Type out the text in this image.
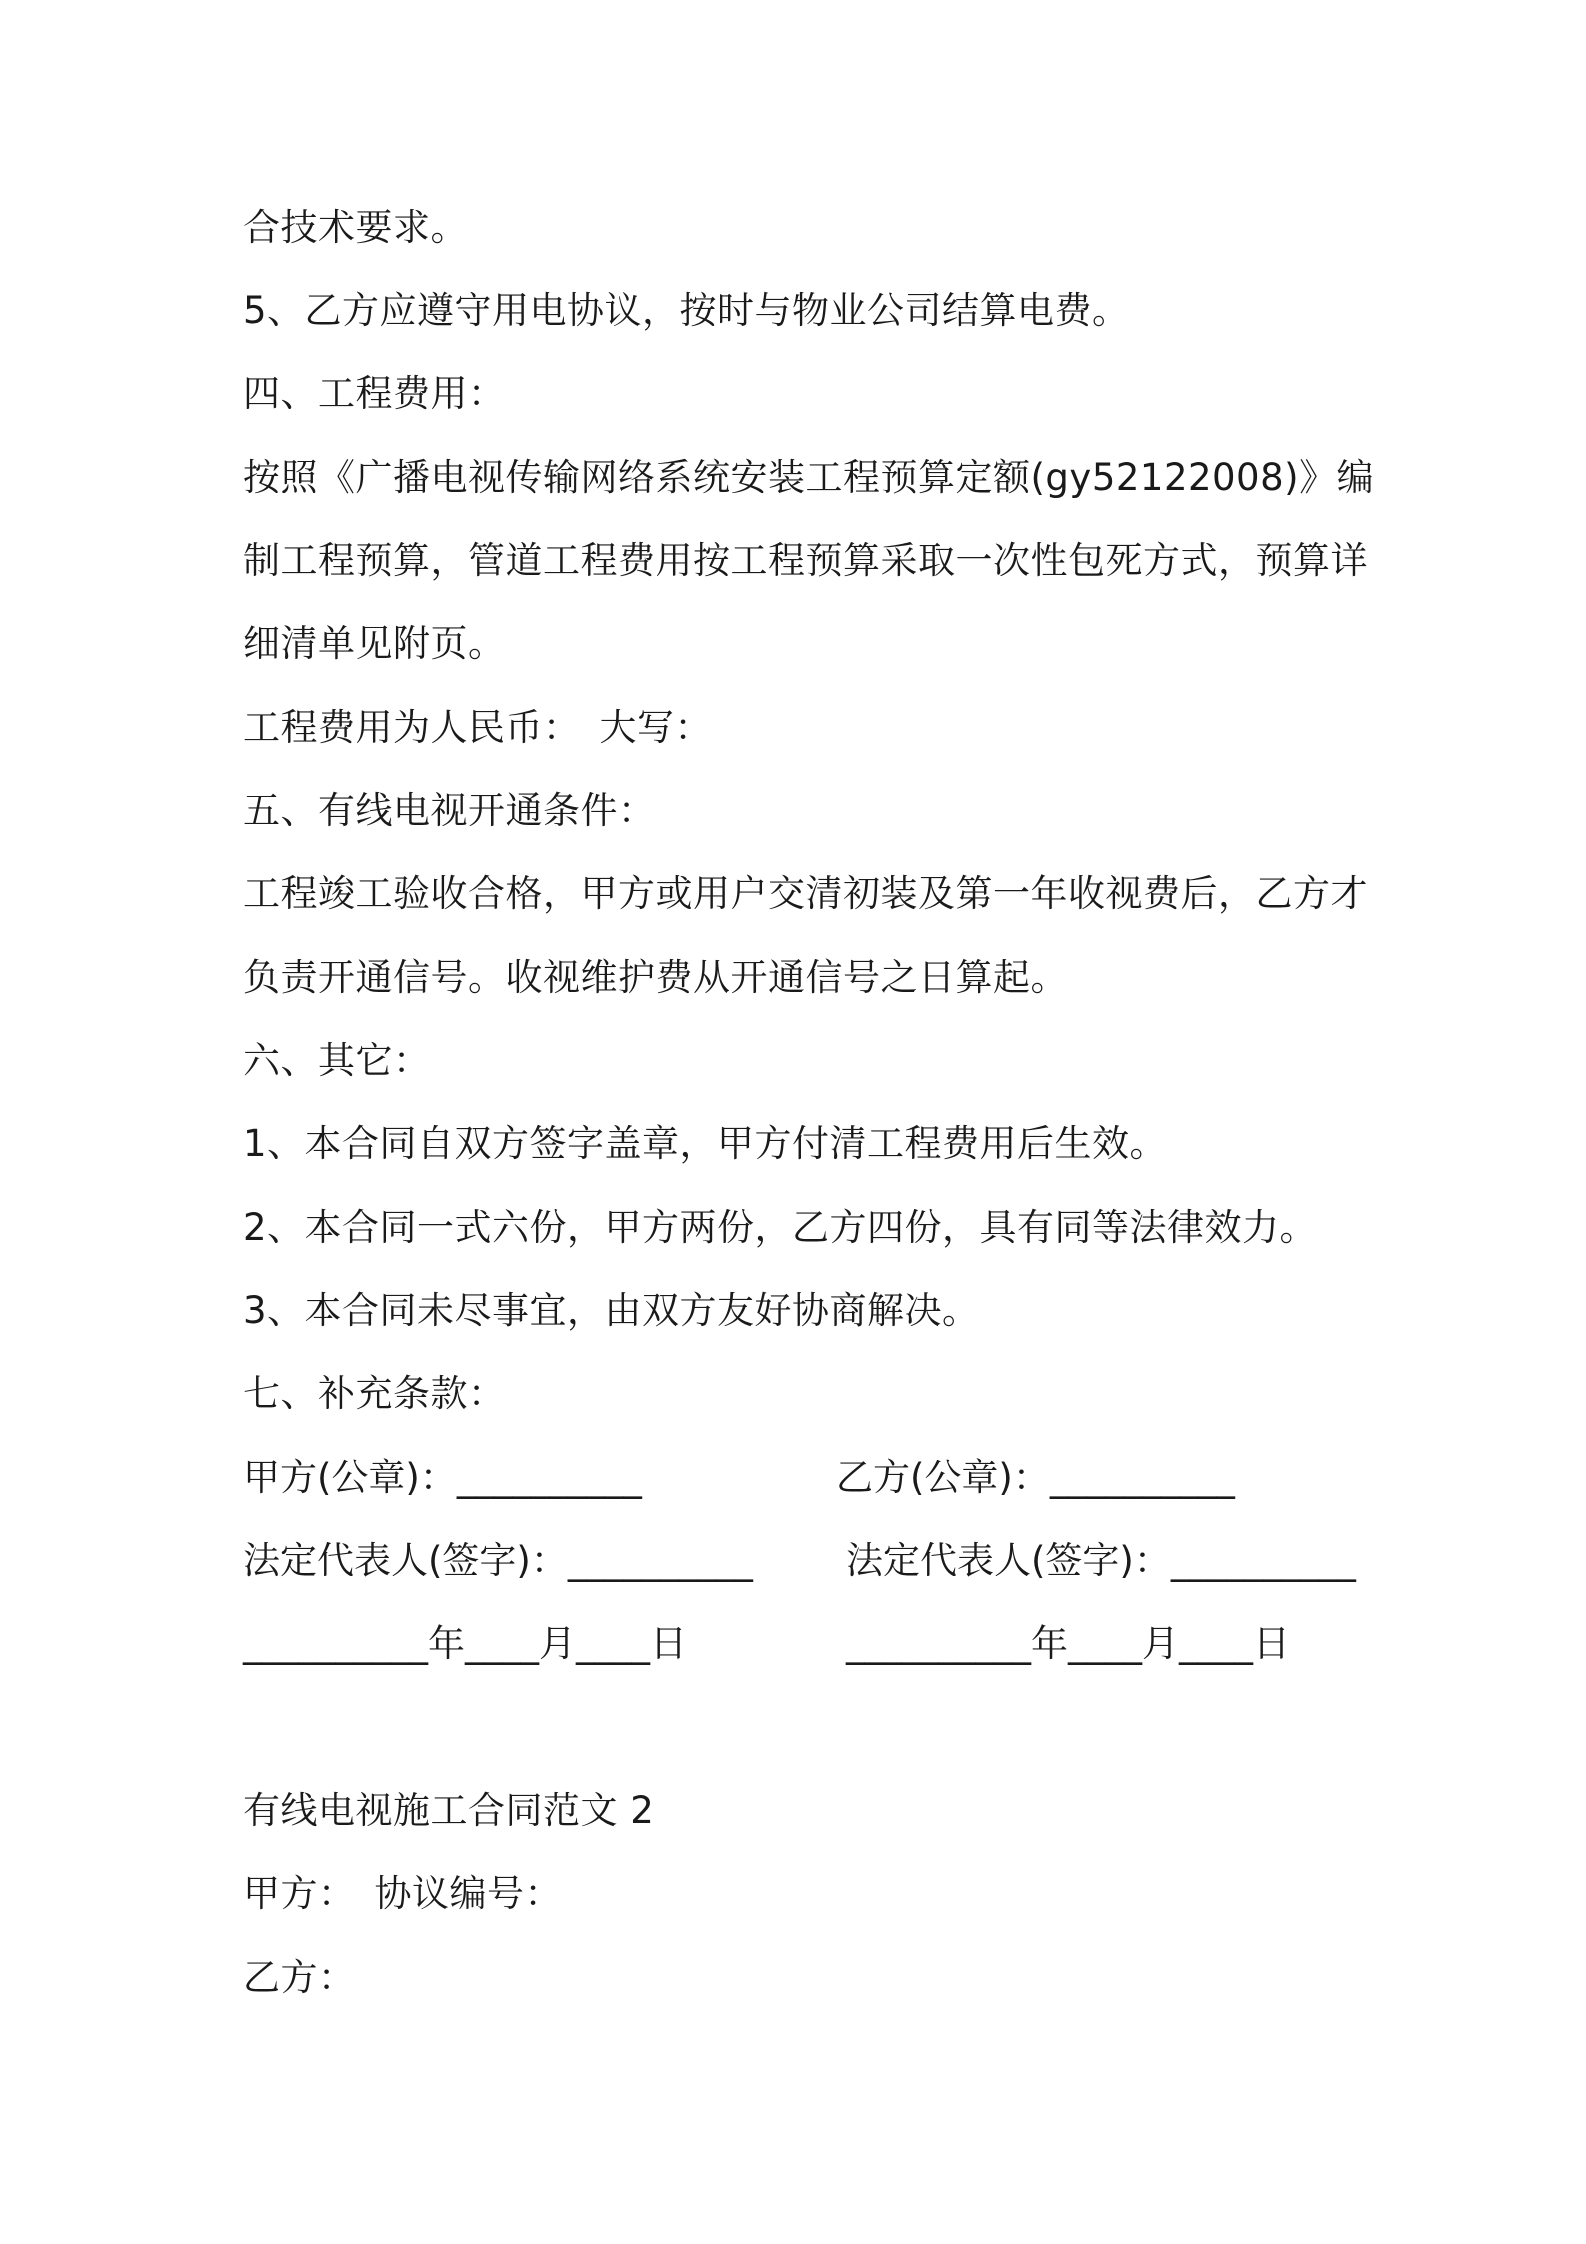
合技术要求。
5、乙方应遵守用电协议，按时与物业公司结算电费。
四、工程费用：
按照《广播电视传输网络系统安装工程预算定额(gy52122008)》编
制工程预算，管道工程费用按工程预算采取一次性包死方式，预算详
细清单见附页。
工程费用为人民币：　大写：
五、有线电视开通条件：
工程竣工验收合格，甲方或用户交清初装及第一年收视费后，乙方才
负责开通信号。收视维护费从开通信号之日算起。
六、其它：
1、本合同自双方签字盖章，甲方付清工程费用后生效。
2、本合同一式六份，甲方两份，乙方四份，具有同等法律效力。
3、本合同未尽事宜，由双方友好协商解决。
七、补充条款：
甲方(公章)：__________	乙方(公章)：__________
法定代表人(签字)：__________	法定代表人(签字)：__________
__________年____月____日	__________年____月____日
有线电视施工合同范文 2
甲方：　协议编号：
乙方：
